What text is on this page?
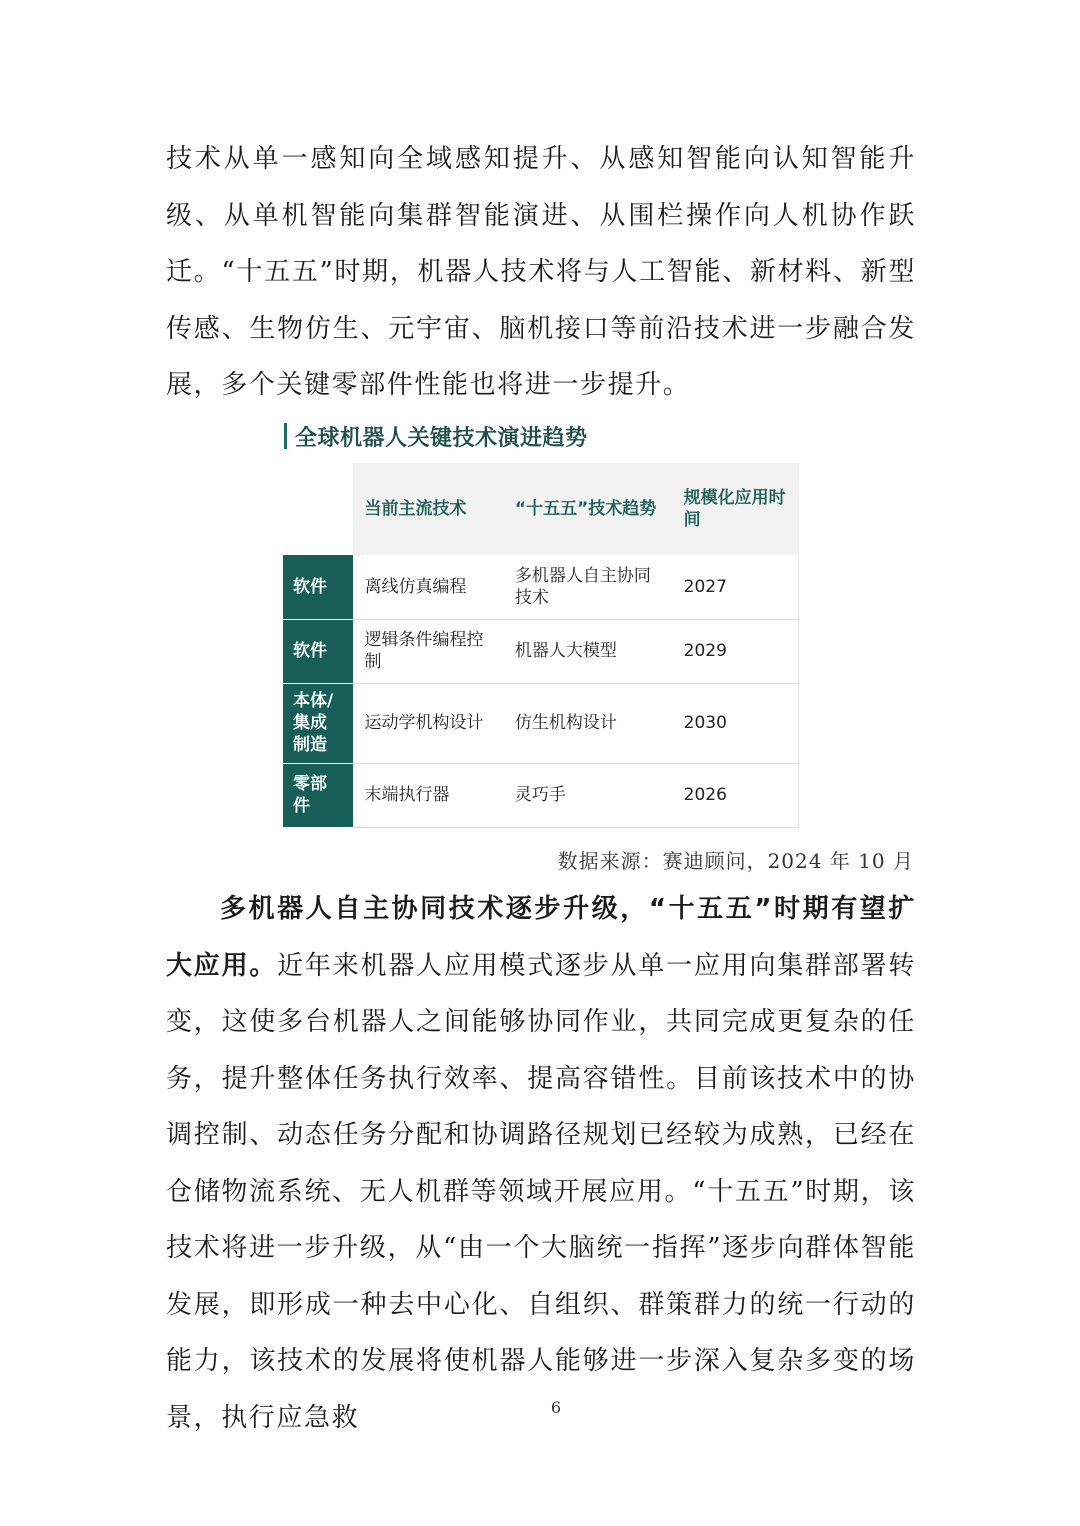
技术从单一感知向全域感知提升、从感知智能向认知智能升级、从单机智能向集群智能演进、从围栏操作向人机协作跃迁。“十五五”时期，机器人技术将与人工智能、新材料、新型传感、生物仿生、元宇宙、脑机接口等前沿技术进一步融合发展，多个关键零部件性能也将进一步提升。

全球机器人关键技术演进趋势
	当前主流技术	“十五五”技术趋势	规模化应用时间
软件	离线仿真编程	多机器人自主协同技术	2027
软件	逻辑条件编程控制	机器人大模型	2029
本体/集成制造	运动学机构设计	仿生机构设计	2030
零部件	末端执行器	灵巧手	2026
数据来源：赛迪顾问，2024 年 10 月

多机器人自主协同技术逐步升级，“十五五”时期有望扩大应用。近年来机器人应用模式逐步从单一应用向集群部署转变，这使多台机器人之间能够协同作业，共同完成更复杂的任务，提升整体任务执行效率、提高容错性。目前该技术中的协调控制、动态任务分配和协调路径规划已经较为成熟，已经在仓储物流系统、无人机群等领域开展应用。“十五五”时期，该技术将进一步升级，从“由一个大脑统一指挥”逐步向群体智能发展，即形成一种去中心化、自组织、群策群力的统一行动的能力，该技术的发展将使机器人能够进一步深入复杂多变的场景，执行应急救	6
